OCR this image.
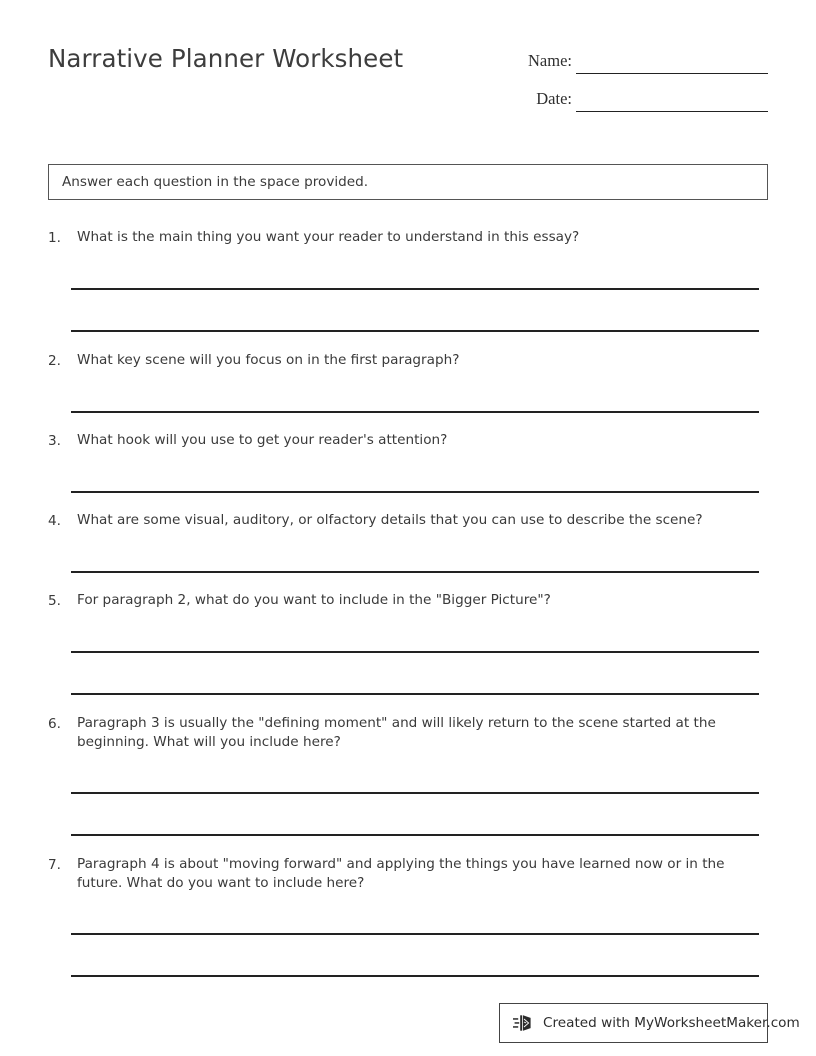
Narrative Planner Worksheet	Name:
Date:
Answer each question in the space provided.
1.	What is the main thing you want your reader to understand in this essay?
2.	What key scene will you focus on in the first paragraph?
3.	What hook will you use to get your reader's attention?
4.	What are some visual, auditory, or olfactory details that you can use to describe the scene?
5.	For paragraph 2, what do you want to include in the "Bigger Picture"?
6.	Paragraph 3 is usually the "defining moment" and will likely return to the scene started at the beginning. What will you include here?
7.	Paragraph 4 is about "moving forward" and applying the things you have learned now or in the future. What do you want to include here?
Created with MyWorksheetMaker.com
